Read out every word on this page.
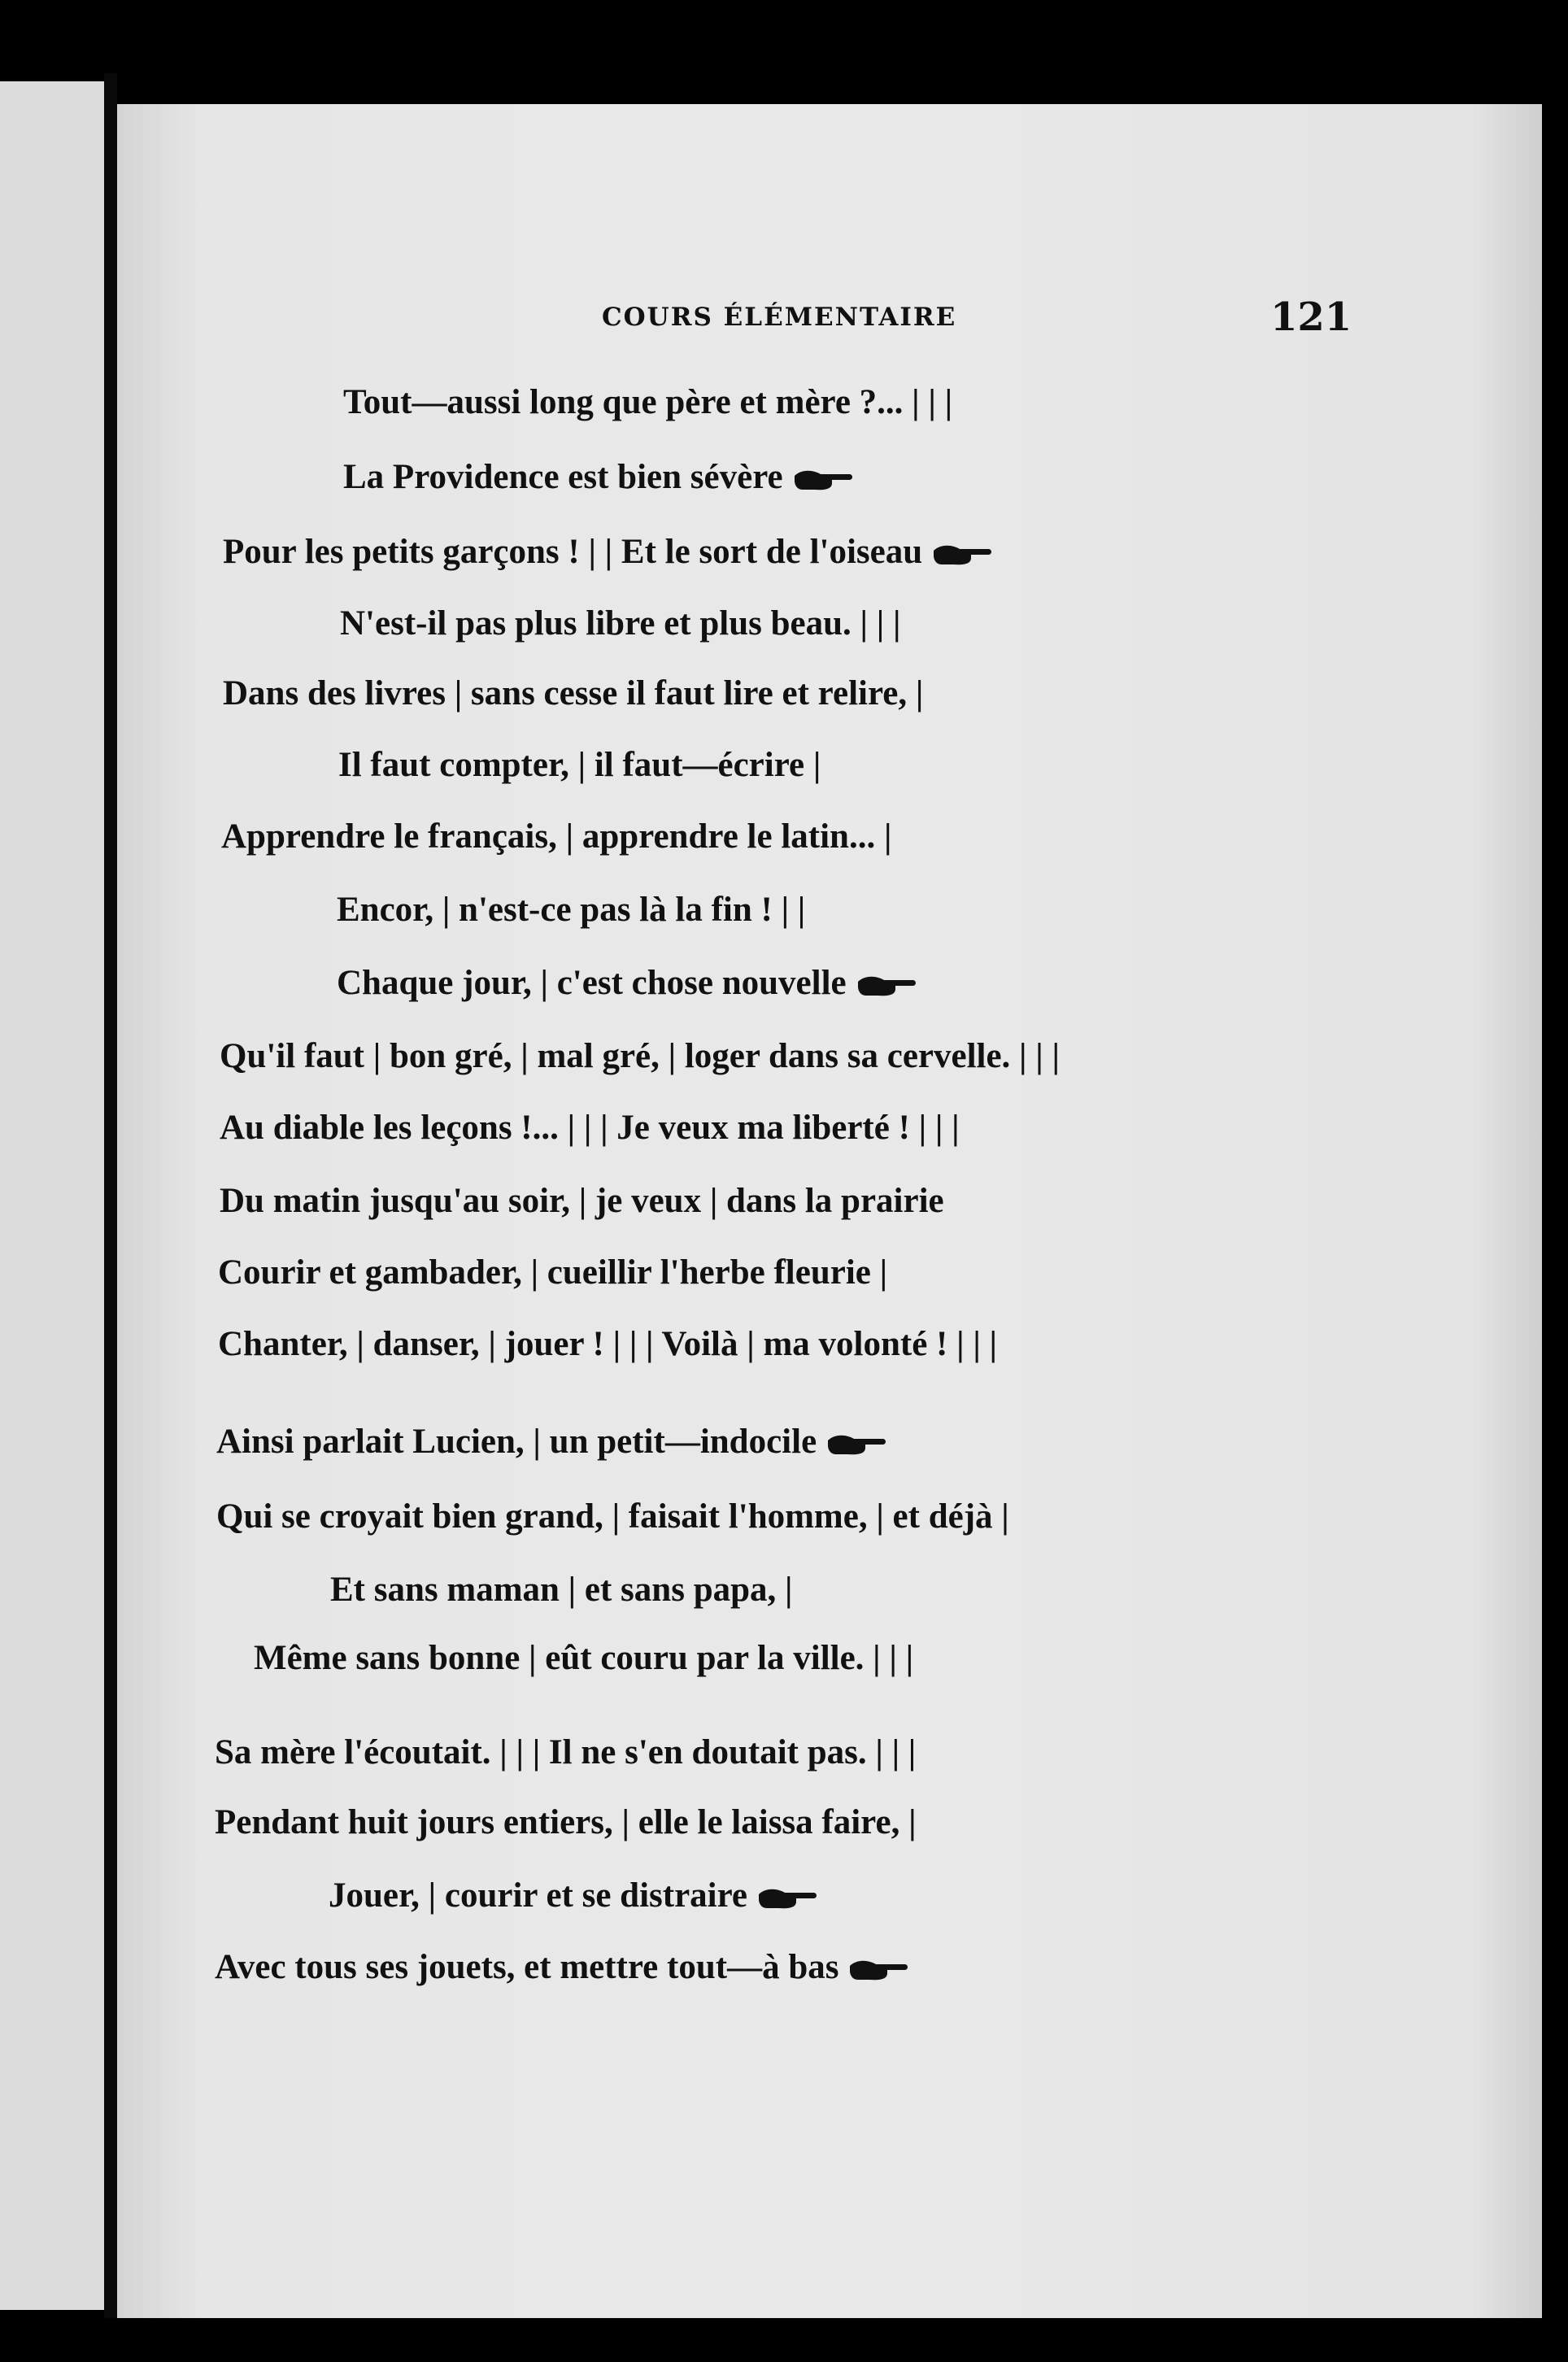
COURS ÉLÉMENTAIRE	121
Tout—aussi long que père et mère ?... | | |
La Providence est bien sévère
Pour les petits garçons ! | | Et le sort de l'oiseau
N'est-il pas plus libre et plus beau. | | |
Dans des livres | sans cesse il faut lire et relire, |
Il faut compter, | il faut—écrire |
Apprendre le français, | apprendre le latin... |
Encor, | n'est-ce pas là la fin ! | |
Chaque jour, | c'est chose nouvelle
Qu'il faut | bon gré, | mal gré, | loger dans sa cervelle. | | |
Au diable les leçons !... | | | Je veux ma liberté ! | | |
Du matin jusqu'au soir, | je veux | dans la prairie
Courir et gambader, | cueillir l'herbe fleurie |
Chanter, | danser, | jouer ! | | | Voilà | ma volonté ! | | |
Ainsi parlait Lucien, | un petit—indocile
Qui se croyait bien grand, | faisait l'homme, | et déjà |
Et sans maman | et sans papa, |
Même sans bonne | eût couru par la ville. | | |
Sa mère l'écoutait. | | | Il ne s'en doutait pas. | | |
Pendant huit jours entiers, | elle le laissa faire, |
Jouer, | courir et se distraire
Avec tous ses jouets, et mettre tout—à bas
